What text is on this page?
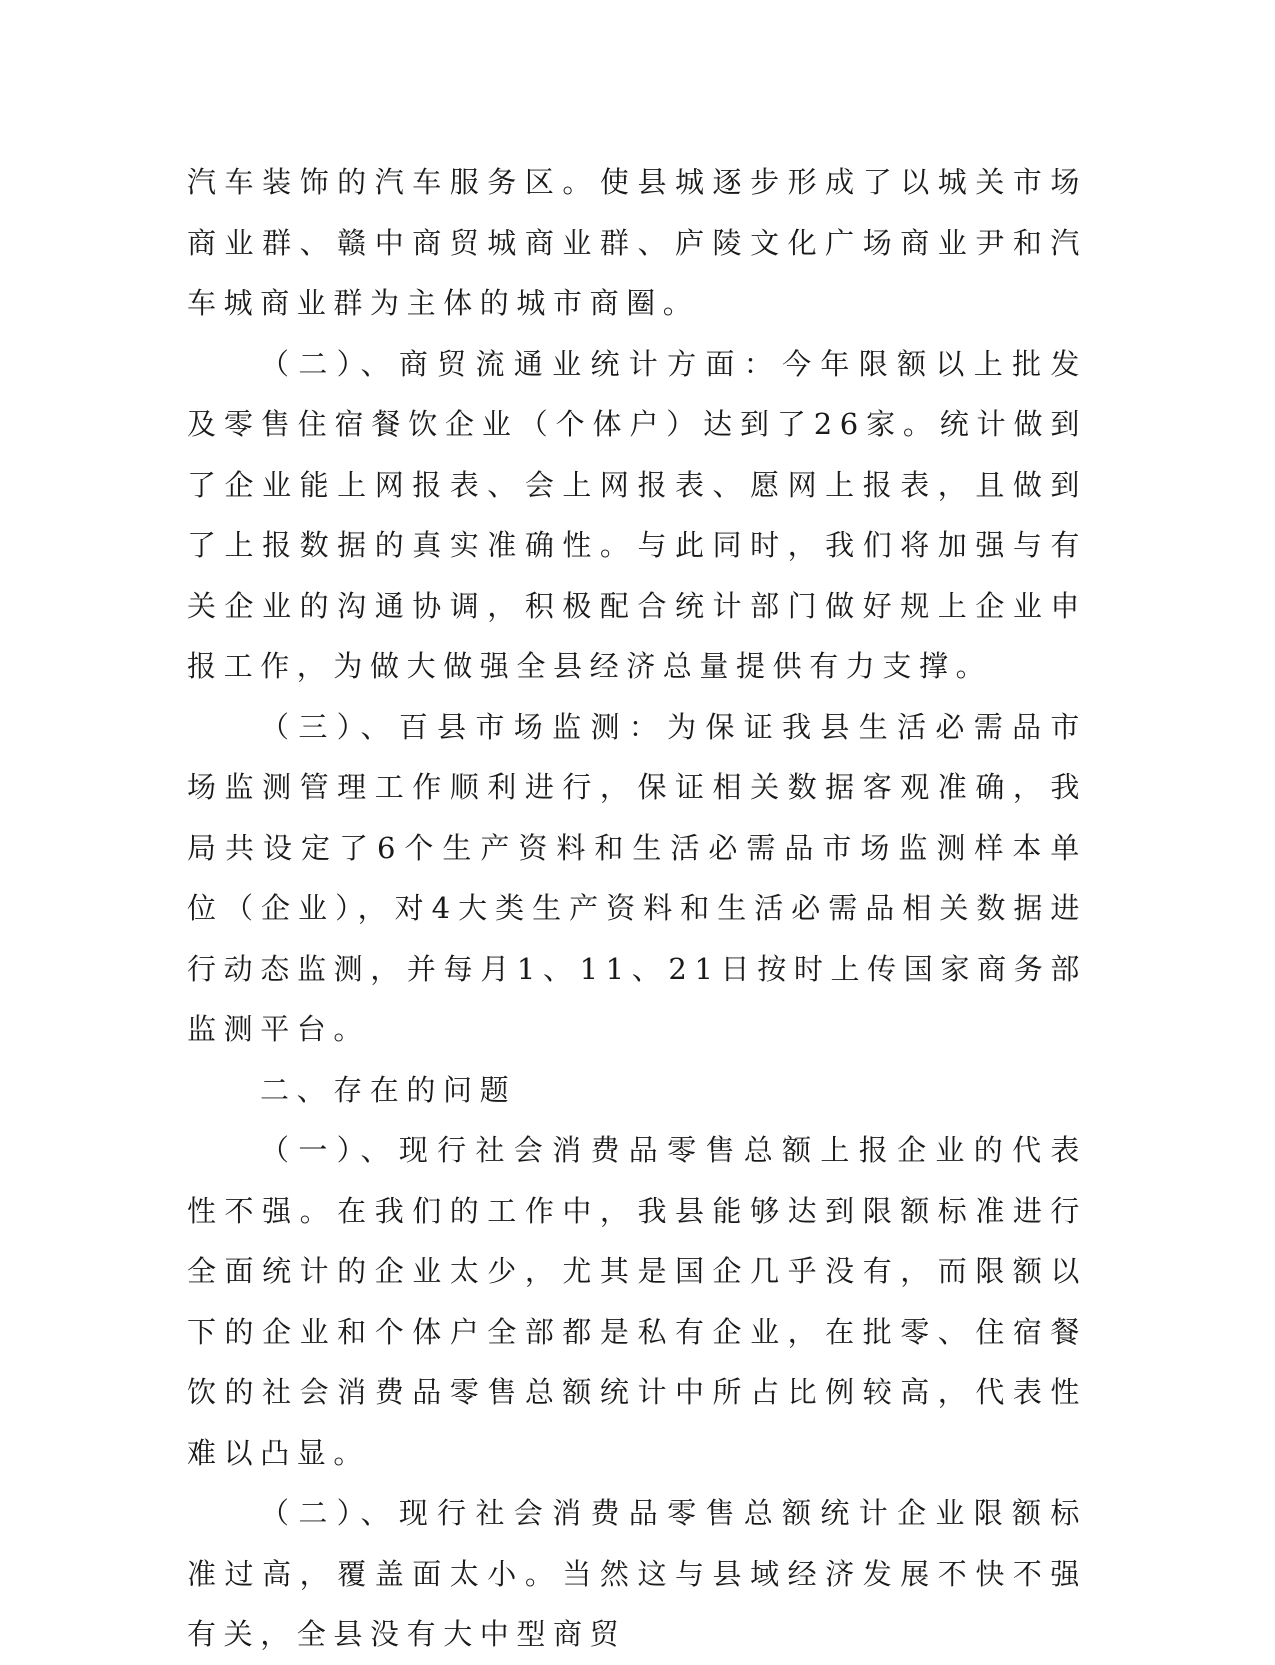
汽车装饰的汽车服务区。使县城逐步形成了以城关市场商业群、赣中商贸城商业群、庐陵文化广场商业尹和汽车城商业群为主体的城市商圈。

（二）、商贸流通业统计方面：今年限额以上批发及零售住宿餐饮企业（个体户）达到了26家。统计做到了企业能上网报表、会上网报表、愿网上报表，且做到了上报数据的真实准确性。与此同时，我们将加强与有关企业的沟通协调，积极配合统计部门做好规上企业申报工作，为做大做强全县经济总量提供有力支撑。

（三）、百县市场监测：为保证我县生活必需品市场监测管理工作顺利进行，保证相关数据客观准确，我局共设定了6个生产资料和生活必需品市场监测样本单位（企业），对4大类生产资料和生活必需品相关数据进行动态监测，并每月1、11、21日按时上传国家商务部监测平台。

二、存在的问题

（一）、现行社会消费品零售总额上报企业的代表性不强。在我们的工作中，我县能够达到限额标准进行全面统计的企业太少，尤其是国企几乎没有，而限额以下的企业和个体户全部都是私有企业，在批零、住宿餐饮的社会消费品零售总额统计中所占比例较高，代表性难以凸显。

（二）、现行社会消费品零售总额统计企业限额标准过高，覆盖面太小。当然这与县域经济发展不快不强有关，全县没有大中型商贸
